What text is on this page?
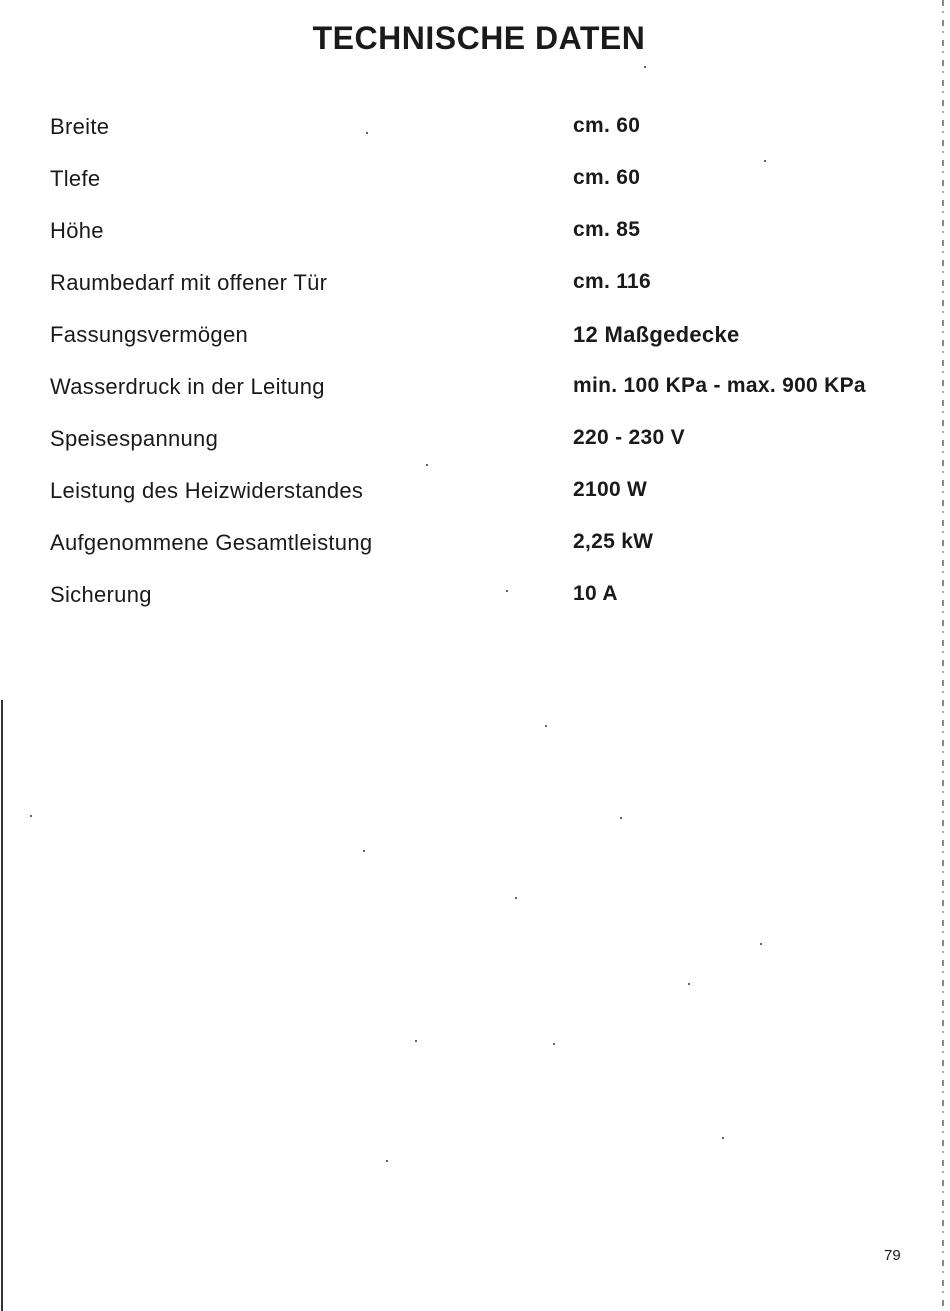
TECHNISCHE DATEN
Breite	cm. 60
Tlefe	cm. 60
Höhe	cm. 85
Raumbedarf mit offener Tür	cm. 116
Fassungsvermögen	12 Maßgedecke
Wasserdruck in der Leitung	min. 100 KPa - max. 900 KPa
Speisespannung	220 - 230 V
Leistung des Heizwiderstandes	2100 W
Aufgenommene Gesamtleistung	2,25 kW
Sicherung	10 A
79
